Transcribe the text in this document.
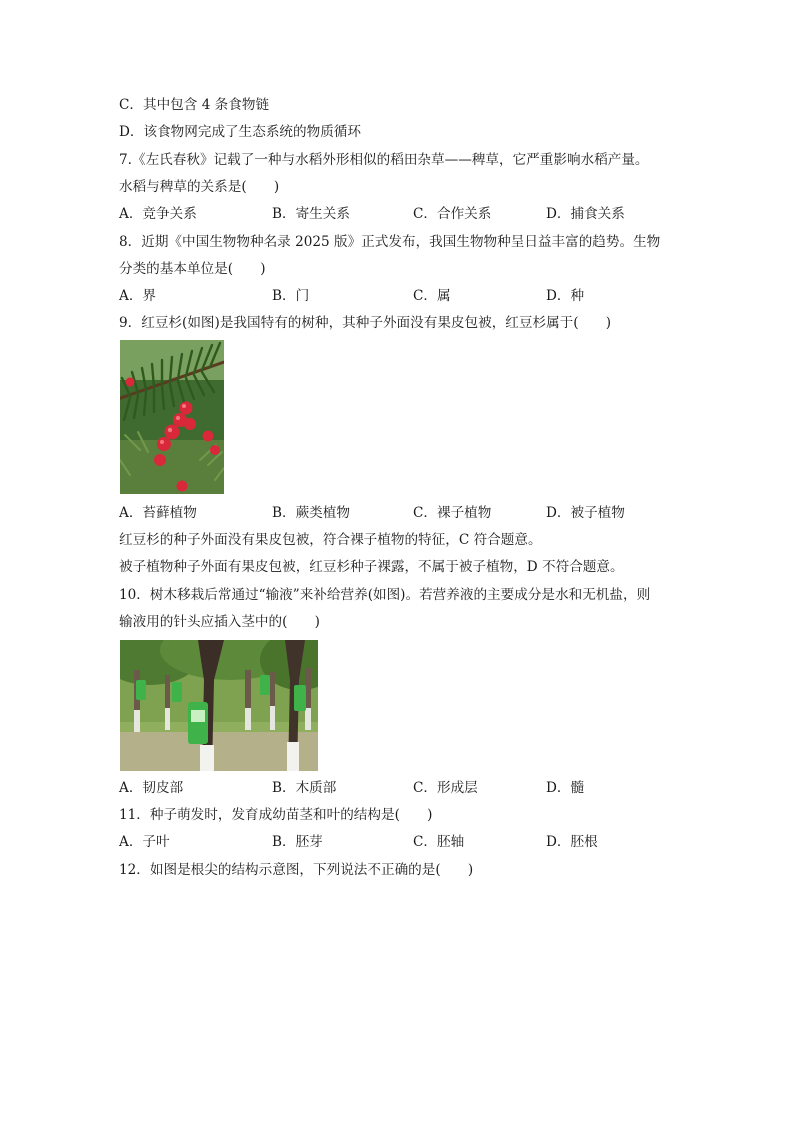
C．其中包含 4 条食物链
D．该食物网完成了生态系统的物质循环
7.《左氏春秋》记载了一种与水稻外形相似的稻田杂草——稗草，它严重影响水稻产量。
水稻与稗草的关系是(　　)
A．竞争关系	B．寄生关系	C．合作关系	D．捕食关系
8．近期《中国生物物种名录 2025 版》正式发布，我国生物物种呈日益丰富的趋势。生物
分类的基本单位是(　　)
A．界	B．门	C．属	D．种
9．红豆杉(如图)是我国特有的树种，其种子外面没有果皮包被，红豆杉属于(　　)
A．苔藓植物	B．蕨类植物	C．裸子植物	D．被子植物
红豆杉的种子外面没有果皮包被，符合裸子植物的特征，C 符合题意。
被子植物种子外面有果皮包被，红豆杉种子裸露，不属于被子植物，D 不符合题意。
10．树木移栽后常通过“输液”来补给营养(如图)。若营养液的主要成分是水和无机盐，则
输液用的针头应插入茎中的(　　)
A．韧皮部	B．木质部	C．形成层	D．髓
11．种子萌发时，发育成幼苗茎和叶的结构是(　　)
A．子叶	B．胚芽	C．胚轴	D．胚根
12．如图是根尖的结构示意图，下列说法不正确的是(　　)
